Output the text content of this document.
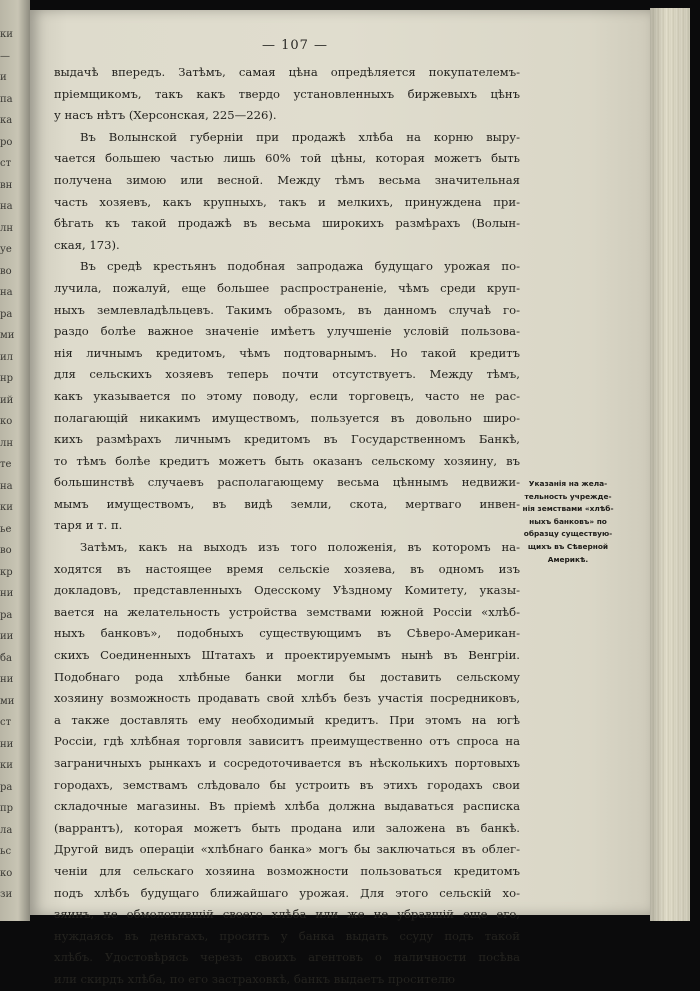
ки
—
и
па
ка
ро
ст
вн
на
лн
уе
во
на
ра
ми
ил
нр
ий
ко
лн
те
на
ки
ье
во
кр
ни
ра
ии
ба
ни
ми
ст
ни
ки
ра
пр
ла
ьс
ко
зи
— 107 —
выдачѣ впередъ. Затѣмъ, самая цѣна опредѣляется покупателемъ-
пріемщикомъ, такъ какъ твердо установленныхъ биржевыхъ цѣнъ
у насъ нѣтъ (Херсонская, 225—226).
Въ Волынской губерніи при продажѣ хлѣба на корню выру-
чается большею частью лишь 60% той цѣны, которая можетъ быть
получена зимою или весной. Между тѣмъ весьма значительная
часть хозяевъ, какъ крупныхъ, такъ и мелкихъ, принуждена при-
бѣгать къ такой продажѣ въ весьма широкихъ размѣрахъ (Волын-
ская, 173).
Въ средѣ крестьянъ подобная запродажа будущаго урожая по-
лучила, пожалуй, еще большее распространеніе, чѣмъ среди круп-
ныхъ землевладѣльцевъ. Такимъ образомъ, въ данномъ случаѣ го-
раздо болѣе важное значеніе имѣетъ улучшеніе условій пользова-
нія личнымъ кредитомъ, чѣмъ подтоварнымъ. Но такой кредитъ
для сельскихъ хозяевъ теперь почти отсутствуетъ. Между тѣмъ,
какъ указывается по этому поводу, если торговецъ, часто не рас-
полагающій никакимъ имуществомъ, пользуется въ довольно широ-
кихъ размѣрахъ личнымъ кредитомъ въ Государственномъ Банкѣ,
то тѣмъ болѣе кредитъ можетъ быть оказанъ сельскому хозяину, въ
большинствѣ случаевъ располагающему весьма цѣннымъ недвижи-
мымъ имуществомъ, въ видѣ земли, скота, мертваго инвен-
таря и т. п.
Затѣмъ, какъ на выходъ изъ того положенія, въ которомъ на-
ходятся въ настоящее время сельскіе хозяева, въ одномъ изъ
докладовъ, представленныхъ Одесскому Уѣздному Комитету, указы-
вается на желательность устройства земствами южной Россіи «хлѣб-
ныхъ банковъ», подобныхъ существующимъ въ Сѣверо-Американ-
скихъ Соединенныхъ Штатахъ и проектируемымъ нынѣ въ Венгріи.
Подобнаго рода хлѣбные банки могли бы доставить сельскому
хозяину возможность продавать свой хлѣбъ безъ участія посредниковъ,
а также доставлять ему необходимый кредитъ. При этомъ на югѣ
Россіи, гдѣ хлѣбная торговля зависитъ преимущественно отъ спроса на
заграничныхъ рынкахъ и сосредоточивается въ нѣсколькихъ портовыхъ
городахъ, земствамъ слѣдовало бы устроить въ этихъ городахъ свои
складочные магазины. Въ пріемѣ хлѣба должна выдаваться расписка
(варрантъ), которая можетъ быть продана или заложена въ банкѣ.
Другой видъ операціи «хлѣбнаго банка» могъ бы заключаться въ облег-
ченіи для сельскаго хозяина возможности пользоваться кредитомъ
подъ хлѣбъ будущаго ближайшаго урожая. Для этого сельскій хо-
зяинъ, не обмолотившій своего хлѣба или же не убравшій еще его,
нуждаясь въ деньгахъ, проситъ у банка выдать ссуду подъ такой
хлѣбъ. Удостовѣрясь черезъ своихъ агентовъ о наличности посѣва
или скирдъ хлѣба, по его застраховкѣ, банкъ выдаетъ просителю
Указанія на жела-
тельность учрежде-
нія земствами «хлѣб-
ныхъ банковъ» по
образцу существую-
щихъ въ Сѣверной
Америкѣ.
